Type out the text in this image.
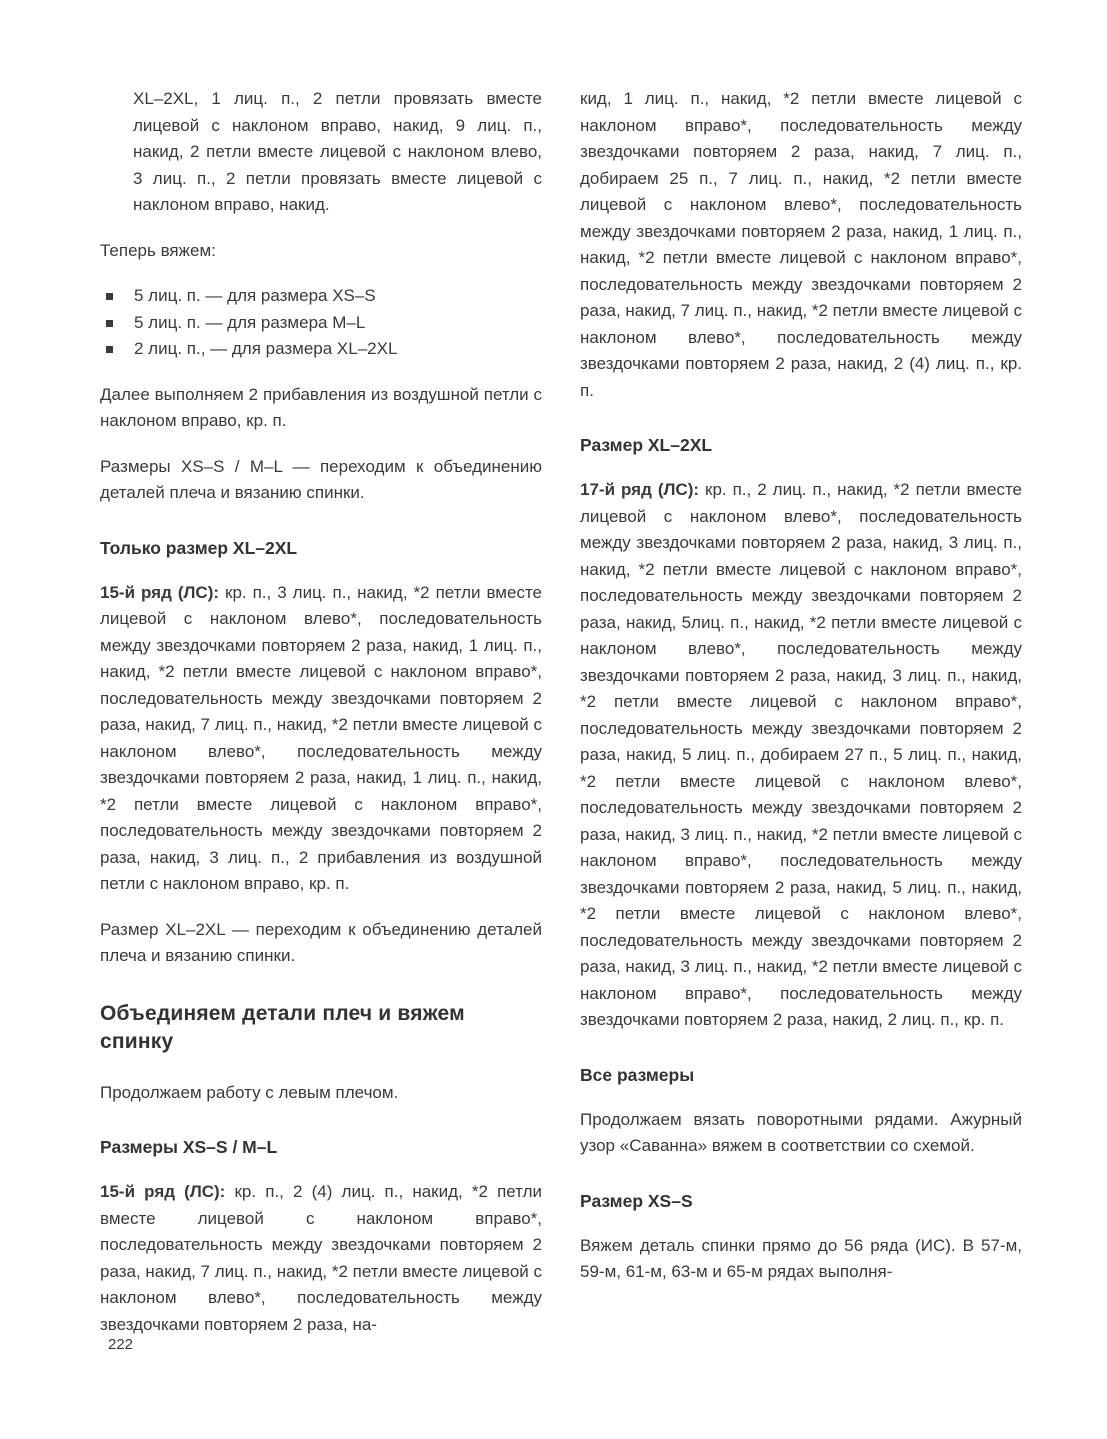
XL–2XL, 1 лиц. п., 2 петли провязать вместе лицевой с наклоном вправо, накид, 9 лиц. п., накид, 2 петли вместе лицевой с наклоном влево, 3 лиц. п., 2 петли провязать вместе лицевой с наклоном вправо, накид.

Теперь вяжем:

5 лиц. п. — для размера XS–S
5 лиц. п. — для размера M–L
2 лиц. п., — для размера XL–2XL

Далее выполняем 2 прибавления из воздушной петли с наклоном вправо, кр. п.

Размеры XS–S / M–L — переходим к объединению деталей плеча и вязанию спинки.

Только размер XL–2XL

15-й ряд (ЛС): кр. п., 3 лиц. п., накид, *2 петли вместе лицевой с наклоном влево*, последовательность между звездочками повторяем 2 раза, накид, 1 лиц. п., накид, *2 петли вместе лицевой с наклоном вправо*, последовательность между звездочками повторяем 2 раза, накид, 7 лиц. п., накид, *2 петли вместе лицевой с наклоном влево*, последовательность между звездочками повторяем 2 раза, накид, 1 лиц. п., накид, *2 петли вместе лицевой с наклоном вправо*, последовательность между звездочками повторяем 2 раза, накид, 3 лиц. п., 2 прибавления из воздушной петли с наклоном вправо, кр. п.

Размер XL–2XL — переходим к объединению деталей плеча и вязанию спинки.

Объединяем детали плеч и вяжем спинку

Продолжаем работу с левым плечом.

Размеры XS–S / M–L

15-й ряд (ЛС): кр. п., 2 (4) лиц. п., накид, *2 петли вместе лицевой с наклоном вправо*, последовательность между звездочками повторяем 2 раза, накид, 7 лиц. п., накид, *2 петли вместе лицевой с наклоном влево*, последовательность между звездочками повторяем 2 раза, на-

кид, 1 лиц. п., накид, *2 петли вместе лицевой с наклоном вправо*, последовательность между звездочками повторяем 2 раза, накид, 7 лиц. п., добираем 25 п., 7 лиц. п., накид, *2 петли вместе лицевой с наклоном влево*, последовательность между звездочками повторяем 2 раза, накид, 1 лиц. п., накид, *2 петли вместе лицевой с наклоном вправо*, последовательность между звездочками повторяем 2 раза, накид, 7 лиц. п., накид, *2 петли вместе лицевой с наклоном влево*, последовательность между звездочками повторяем 2 раза, накид, 2 (4) лиц. п., кр. п.

Размер XL–2XL

17-й ряд (ЛС): кр. п., 2 лиц. п., накид, *2 петли вместе лицевой с наклоном влево*, последовательность между звездочками повторяем 2 раза, накид, 3 лиц. п., накид, *2 петли вместе лицевой с наклоном вправо*, последовательность между звездочками повторяем 2 раза, накид, 5лиц. п., накид, *2 петли вместе лицевой с наклоном влево*, последовательность между звездочками повторяем 2 раза, накид, 3 лиц. п., накид, *2 петли вместе лицевой с наклоном вправо*, последовательность между звездочками повторяем 2 раза, накид, 5 лиц. п., добираем 27 п., 5 лиц. п., накид, *2 петли вместе лицевой с наклоном влево*, последовательность между звездочками повторяем 2 раза, накид, 3 лиц. п., накид, *2 петли вместе лицевой с наклоном вправо*, последовательность между звездочками повторяем 2 раза, накид, 5 лиц. п., накид, *2 петли вместе лицевой с наклоном влево*, последовательность между звездочками повторяем 2 раза, накид, 3 лиц. п., накид, *2 петли вместе лицевой с наклоном вправо*, последовательность между звездочками повторяем 2 раза, накид, 2 лиц. п., кр. п.

Все размеры

Продолжаем вязать поворотными рядами. Ажурный узор «Саванна» вяжем в соответствии со схемой.

Размер XS–S

Вяжем деталь спинки прямо до 56 ряда (ИС). В 57-м, 59-м, 61-м, 63-м и 65-м рядах выполня-

222
